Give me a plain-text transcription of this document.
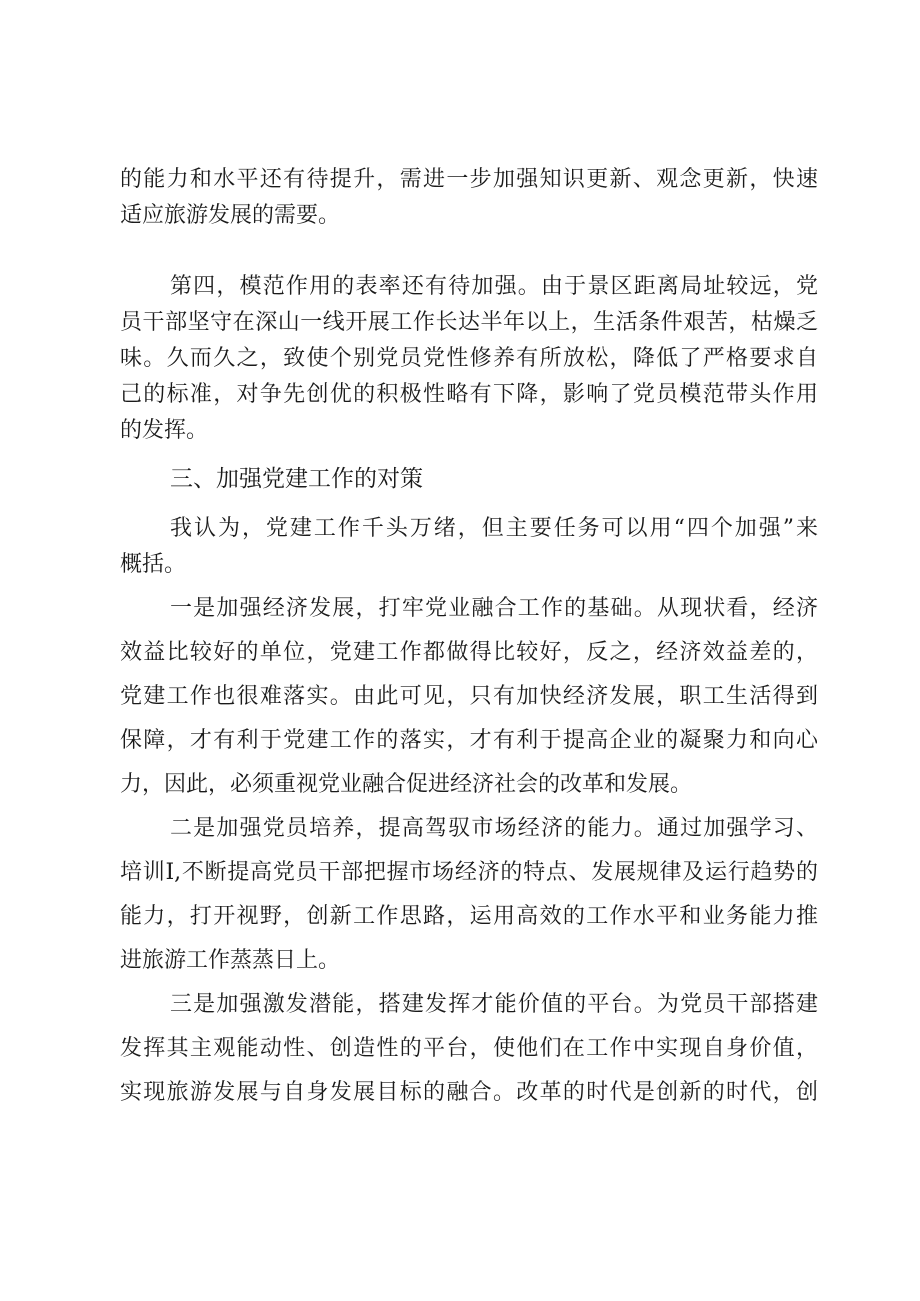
的能力和水平还有待提升，需进一步加强知识更新、观念更新，快速
适应旅游发展的需要。
第四，模范作用的表率还有待加强。由于景区距离局址较远，党
员干部坚守在深山一线开展工作长达半年以上，生活条件艰苦，枯燥乏
味。久而久之，致使个别党员党性修养有所放松，降低了严格要求自
己的标准，对争先创优的积极性略有下降，影响了党员模范带头作用
的发挥。
三、加强党建工作的对策
我认为，党建工作千头万绪，但主要任务可以用“四个加强”来
概括。
一是加强经济发展，打牢党业融合工作的基础。从现状看，经济
效益比较好的单位，党建工作都做得比较好，反之，经济效益差的，
党建工作也很难落实。由此可见，只有加快经济发展，职工生活得到
保障，才有利于党建工作的落实，才有利于提高企业的凝聚力和向心
力，因此，必须重视党业融合促进经济社会的改革和发展。
二是加强党员培养，提高驾驭市场经济的能力。通过加强学习、
培训I,不断提高党员干部把握市场经济的特点、发展规律及运行趋势的
能力，打开视野，创新工作思路，运用高效的工作水平和业务能力推
进旅游工作蒸蒸日上。
三是加强激发潜能，搭建发挥才能价值的平台。为党员干部搭建
发挥其主观能动性、创造性的平台，使他们在工作中实现自身价值，
实现旅游发展与自身发展目标的融合。改革的时代是创新的时代，创
